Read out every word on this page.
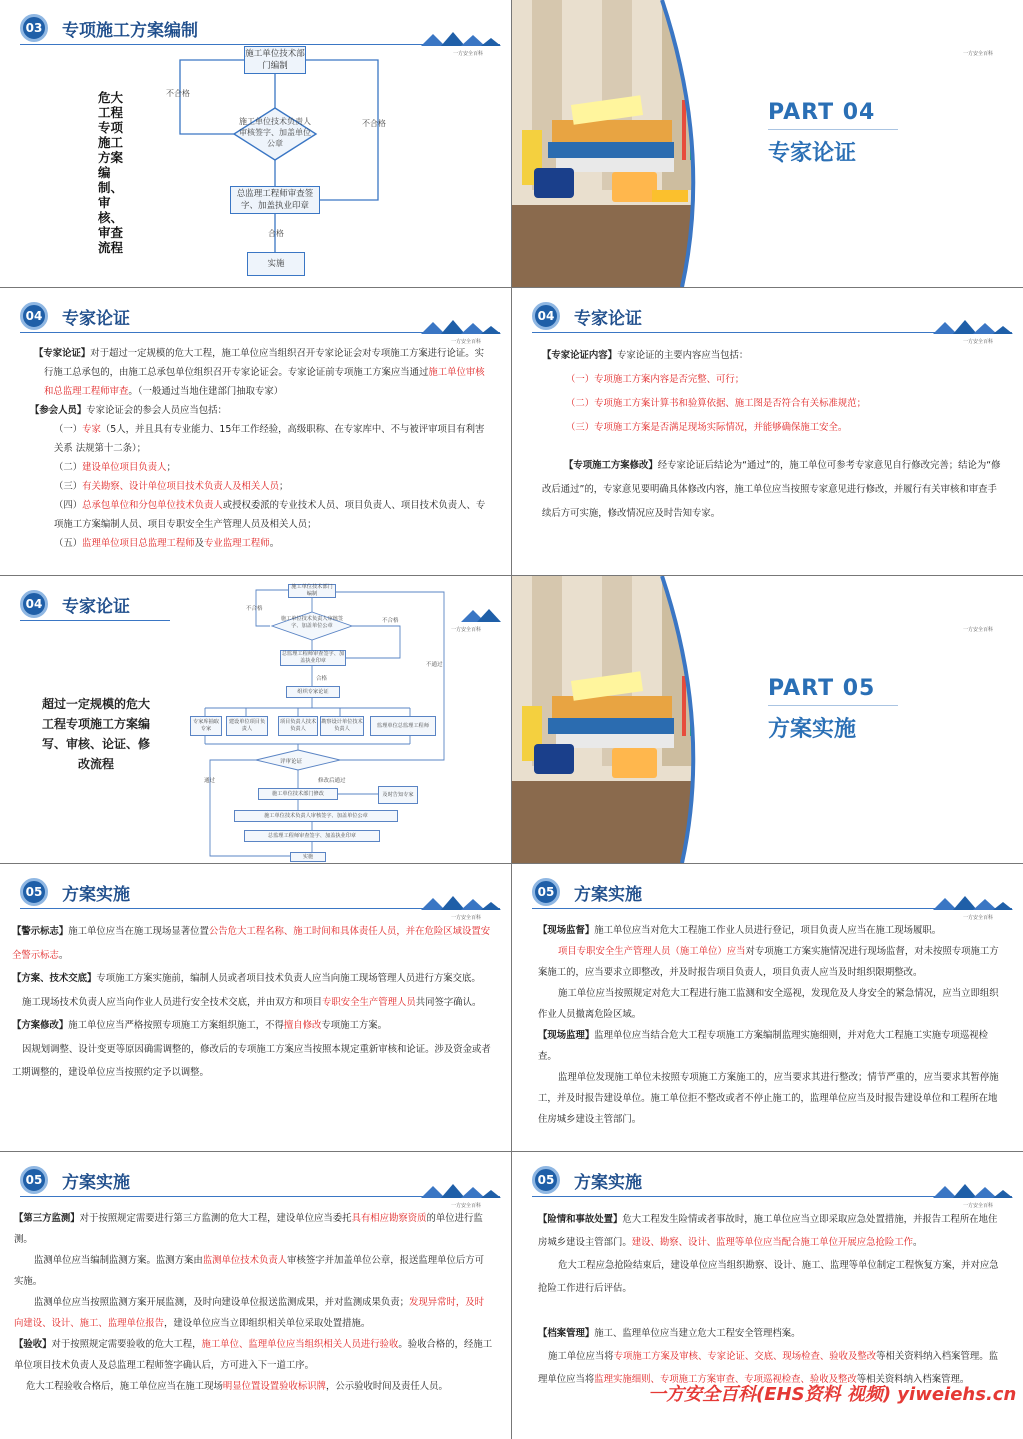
03	专项施工方案编制
危大工程专项施工方案编制、审核、审查流程
施工单位技术部门编制
施工单位技术负责人审核签字、加盖单位公章
总监理工程师审查签字、加盖执业印章
实施
不合格
不合格
合格
一方安全百科	一方安全百科
PART 04
专家论证
04	专家论证
一方安全百科

【专家论证】对于超过一定规模的危大工程，施工单位应当组织召开专家论证会对专项施工方案进行论证。实行施工总承包的，由施工总承包单位组织召开专家论证会。专家论证前专项施工方案应当通过施工单位审核和总监理工程师审查。（一般通过当地住建部门抽取专家）

【参会人员】专家论证会的参会人员应当包括：

（一）专家（5人，并且具有专业能力、15年工作经验，高级职称、在专家库中、不与被评审项目有利害关系 法规第十二条）；

（二）建设单位项目负责人；

（三）有关勘察、设计单位项目技术负责人及相关人员；

（四）总承包单位和分包单位技术负责人或授权委派的专业技术人员、项目负责人、项目技术负责人、专项施工方案编制人员、项目专职安全生产管理人员及相关人员；

（五）监理单位项目总监理工程师及专业监理工程师。

04	专家论证
一方安全百科

【专家论证内容】专家论证的主要内容应当包括：

（一）专项施工方案内容是否完整、可行；

（二）专项施工方案计算书和验算依据、施工图是否符合有关标准规范；

（三）专项施工方案是否满足现场实际情况，并能够确保施工安全。

【专项施工方案修改】经专家论证后结论为“通过”的，施工单位可参考专家意见自行修改完善；结论为“修改后通过”的，专家意见要明确具体修改内容，施工单位应当按照专家意见进行修改，并履行有关审核和审查手续后方可实施，修改情况应及时告知专家。

04	专家论证
一方安全百科
超过一定规模的危大工程专项施工方案编写、审核、论证、修改流程
施工单位技术部门编制
施工单位技术负责人审核签字、加盖单位公章
总监理工程师审查签字、加盖执业印章
组织专家论证
专家库抽取专家
建设单位项目负责人
项目负责人技术负责人
勘察设计单位技术负责人
监理单位总监理工程师
评审论证
施工单位技术部门修改	及时告知专家
施工单位技术负责人审核签字、加盖单位公章
总监理工程师审查签字、加盖执业印章
实施
不合格
不合格
合格
不通过
修改后通过
通过
一方安全百科
PART 05
方案实施
05	方案实施
一方安全百科

【警示标志】施工单位应当在施工现场显著位置公告危大工程名称、施工时间和具体责任人员，并在危险区域设置安全警示标志。

【方案、技术交底】专项施工方案实施前，编制人员或者项目技术负责人应当向施工现场管理人员进行方案交底。

施工现场技术负责人应当向作业人员进行安全技术交底，并由双方和项目专职安全生产管理人员共同签字确认。

【方案修改】施工单位应当严格按照专项施工方案组织施工，不得擅自修改专项施工方案。

因规划调整、设计变更等原因确需调整的，修改后的专项施工方案应当按照本规定重新审核和论证。涉及资金或者工期调整的，建设单位应当按照约定予以调整。

05	方案实施
一方安全百科

【现场监督】施工单位应当对危大工程施工作业人员进行登记，项目负责人应当在施工现场履职。

项目专职安全生产管理人员（施工单位）应当对专项施工方案实施情况进行现场监督，对未按照专项施工方案施工的，应当要求立即整改，并及时报告项目负责人，项目负责人应当及时组织限期整改。

施工单位应当按照规定对危大工程进行施工监测和安全巡视，发现危及人身安全的紧急情况，应当立即组织作业人员撤离危险区域。

【现场监理】监理单位应当结合危大工程专项施工方案编制监理实施细则，并对危大工程施工实施专项巡视检查。

监理单位发现施工单位未按照专项施工方案施工的，应当要求其进行整改；情节严重的，应当要求其暂停施工，并及时报告建设单位。施工单位拒不整改或者不停止施工的，监理单位应当及时报告建设单位和工程所在地住房城乡建设主管部门。

05	方案实施
一方安全百科

【第三方监测】对于按照规定需要进行第三方监测的危大工程，建设单位应当委托具有相应勘察资质的单位进行监测。

监测单位应当编制监测方案。监测方案由监测单位技术负责人审核签字并加盖单位公章，报送监理单位后方可实施。

监测单位应当按照监测方案开展监测，及时向建设单位报送监测成果，并对监测成果负责；发现异常时，及时向建设、设计、施工、监理单位报告，建设单位应当立即组织相关单位采取处置措施。

【验收】对于按照规定需要验收的危大工程，施工单位、监理单位应当组织相关人员进行验收。验收合格的，经施工单位项目技术负责人及总监理工程师签字确认后，方可进入下一道工序。

危大工程验收合格后，施工单位应当在施工现场明显位置设置验收标识牌，公示验收时间及责任人员。

05	方案实施
一方安全百科

【险情和事故处置】危大工程发生险情或者事故时，施工单位应当立即采取应急处置措施，并报告工程所在地住房城乡建设主管部门。建设、勘察、设计、监理等单位应当配合施工单位开展应急抢险工作。

危大工程应急抢险结束后，建设单位应当组织勘察、设计、施工、监理等单位制定工程恢复方案，并对应急抢险工作进行后评估。

【档案管理】施工、监理单位应当建立危大工程安全管理档案。

施工单位应当将专项施工方案及审核、专家论证、交底、现场检查、验收及整改等相关资料纳入档案管理。监理单位应当将监理实施细则、专项施工方案审查、专项巡视检查、验收及整改等相关资料纳入档案管理。

一方安全百科(EHS资料 视频) yiweiehs.cn
